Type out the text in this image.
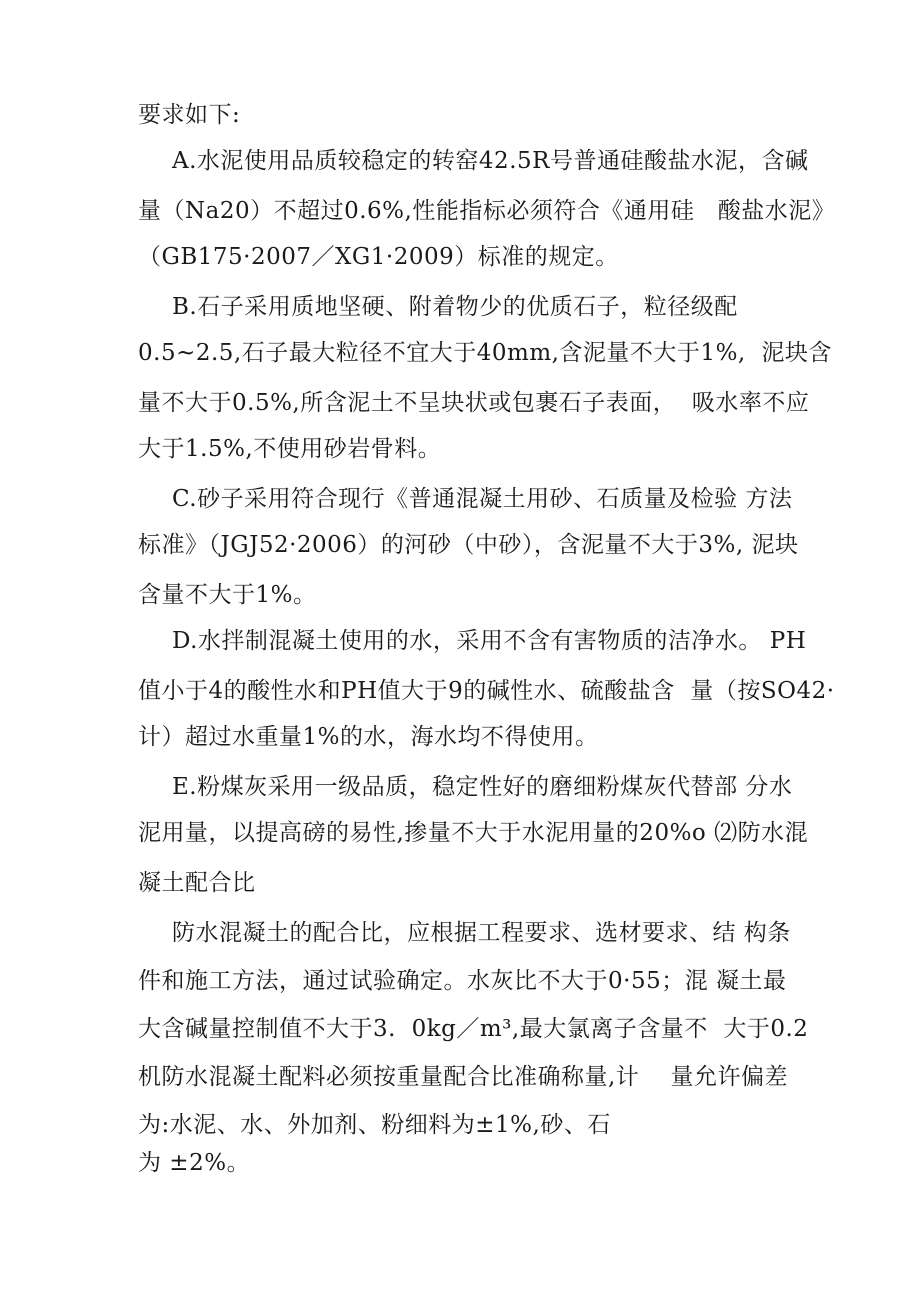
要求如下:

A.水泥使用品质较稳定的转窑42.5R号普通硅酸盐水泥，含碱

量（Na20）不超过0.6%,性能指标必须符合《通用硅   酸盐水泥》

（GB175·2007／XG1·2009）标准的规定。

B.石子采用质地坚硬、附着物少的优质石子，粒径级配

0.5~2.5,石子最大粒径不宜大于40mm,含泥量不大于1%,  泥块含

量不大于0.5%,所含泥土不呈块状或包裹石子表面，  吸水率不应

大于1.5%,不使用砂岩骨料。

C.砂子采用符合现行《普通混凝土用砂、石质量及检验 方法

标准》（JGJ52·2006）的河砂（中砂），含泥量不大于3%, 泥块

含量不大于1%。

D.水拌制混凝土使用的水，采用不含有害物质的洁净水。 PH

值小于4的酸性水和PH值大于9的碱性水、硫酸盐含  量（按SO42·

计）超过水重量1%的水，海水均不得使用。

E.粉煤灰采用一级品质，稳定性好的磨细粉煤灰代替部 分水

泥用量，以提高磅的易性,掺量不大于水泥用量的20%o ⑵防水混

凝土配合比

防水混凝土的配合比，应根据工程要求、选材要求、结 构条

件和施工方法，通过试验确定。水灰比不大于0·55；混 凝土最

大含碱量控制值不大于3.  0kg／m³,最大氯离子含量不  大于0.2

机防水混凝土配料必须按重量配合比准确称量,计    量允许偏差

为:水泥、水、外加剂、粉细料为±1%,砂、石

为 ±2%。
